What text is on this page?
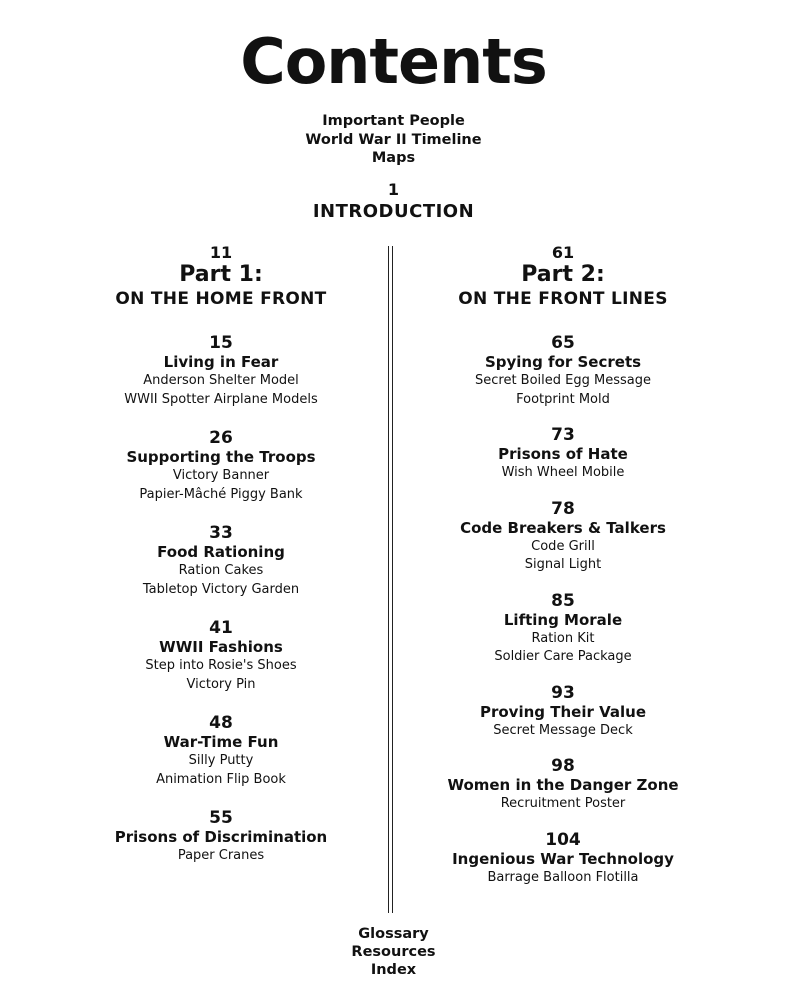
Contents
Important People
World War II Timeline
Maps
1
INTRODUCTION
11
Part 1:
ON THE HOME FRONT
15
Living in Fear
Anderson Shelter Model
WWII Spotter Airplane Models
26
Supporting the Troops
Victory Banner
Papier-Mâché Piggy Bank
33
Food Rationing
Ration Cakes
Tabletop Victory Garden
41
WWII Fashions
Step into Rosie's Shoes
Victory Pin
48
War-Time Fun
Silly Putty
Animation Flip Book
55
Prisons of Discrimination
Paper Cranes
61
Part 2:
ON THE FRONT LINES
65
Spying for Secrets
Secret Boiled Egg Message
Footprint Mold
73
Prisons of Hate
Wish Wheel Mobile
78
Code Breakers & Talkers
Code Grill
Signal Light
85
Lifting Morale
Ration Kit
Soldier Care Package
93
Proving Their Value
Secret Message Deck
98
Women in the Danger Zone
Recruitment Poster
104
Ingenious War Technology
Barrage Balloon Flotilla
Glossary
Resources
Index
